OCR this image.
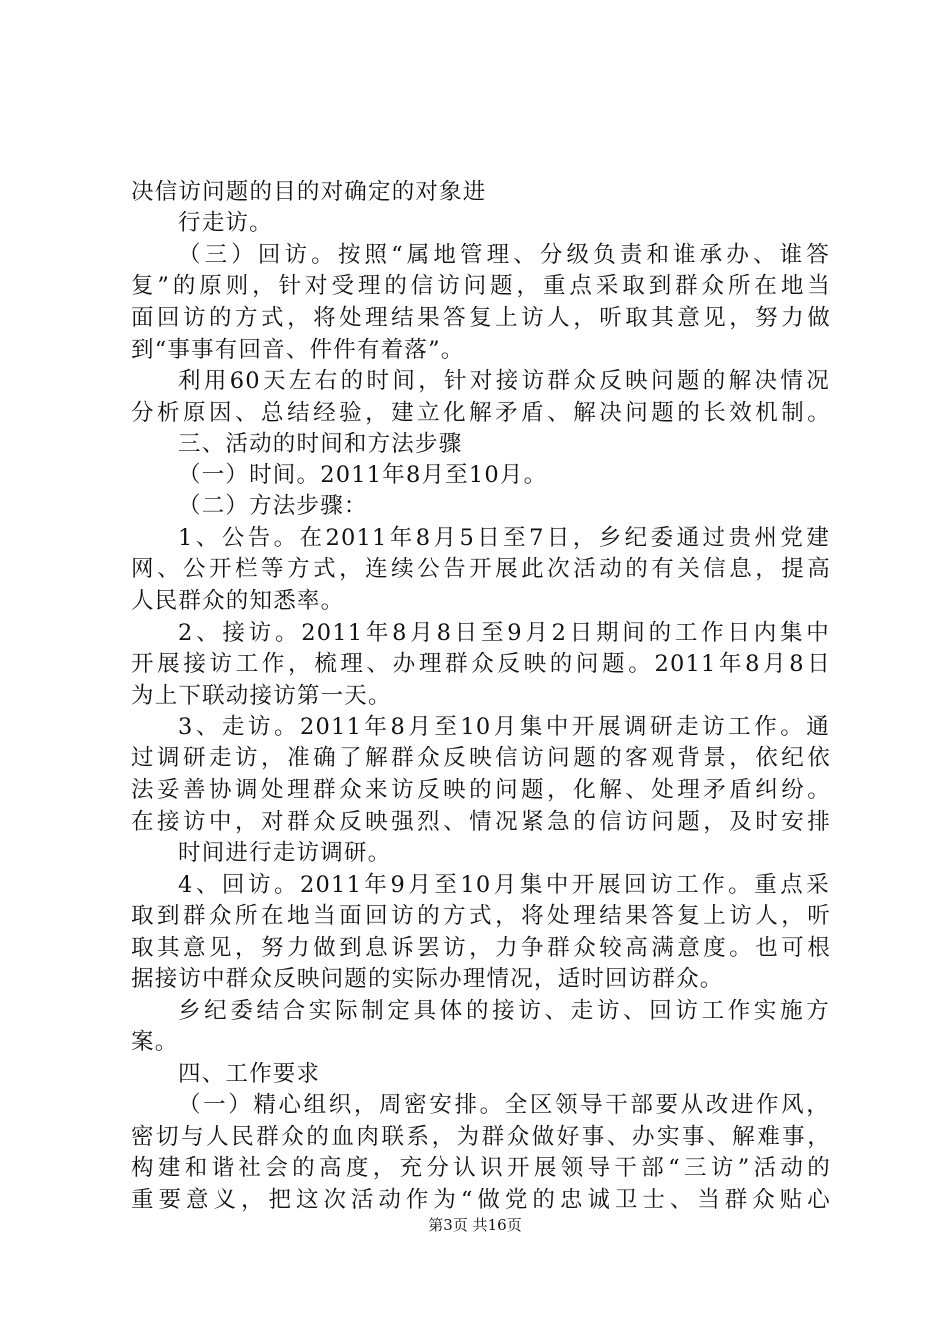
决信访问题的目的对确定的对象进
行走访。
（三）回访。按照“属地管理、分级负责和谁承办、谁答
复”的原则，针对受理的信访问题，重点采取到群众所在地当
面回访的方式，将处理结果答复上访人，听取其意见，努力做
到“事事有回音、件件有着落”。
利用60天左右的时间，针对接访群众反映问题的解决情况
分析原因、总结经验，建立化解矛盾、解决问题的长效机制。
三、活动的时间和方法步骤
（一）时间。2011年8月至10月。
（二）方法步骤：
1、公告。在2011年8月5日至7日，乡纪委通过贵州党建
网、公开栏等方式，连续公告开展此次活动的有关信息，提高
人民群众的知悉率。
2、接访。2011年8月8日至9月2日期间的工作日内集中
开展接访工作，梳理、办理群众反映的问题。2011年8月8日
为上下联动接访第一天。
3、走访。2011年8月至10月集中开展调研走访工作。通
过调研走访，准确了解群众反映信访问题的客观背景，依纪依
法妥善协调处理群众来访反映的问题，化解、处理矛盾纠纷。
在接访中，对群众反映强烈、情况紧急的信访问题，及时安排
时间进行走访调研。
4、回访。2011年9月至10月集中开展回访工作。重点采
取到群众所在地当面回访的方式，将处理结果答复上访人，听
取其意见，努力做到息诉罢访，力争群众较高满意度。也可根
据接访中群众反映问题的实际办理情况，适时回访群众。
乡纪委结合实际制定具体的接访、走访、回访工作实施方
案。
四、工作要求
（一）精心组织，周密安排。全区领导干部要从改进作风，
密切与人民群众的血肉联系，为群众做好事、办实事、解难事，
构建和谐社会的高度，充分认识开展领导干部“三访”活动的
重要意义，把这次活动作为“做党的忠诚卫士、当群众贴心
第3页 共16页
